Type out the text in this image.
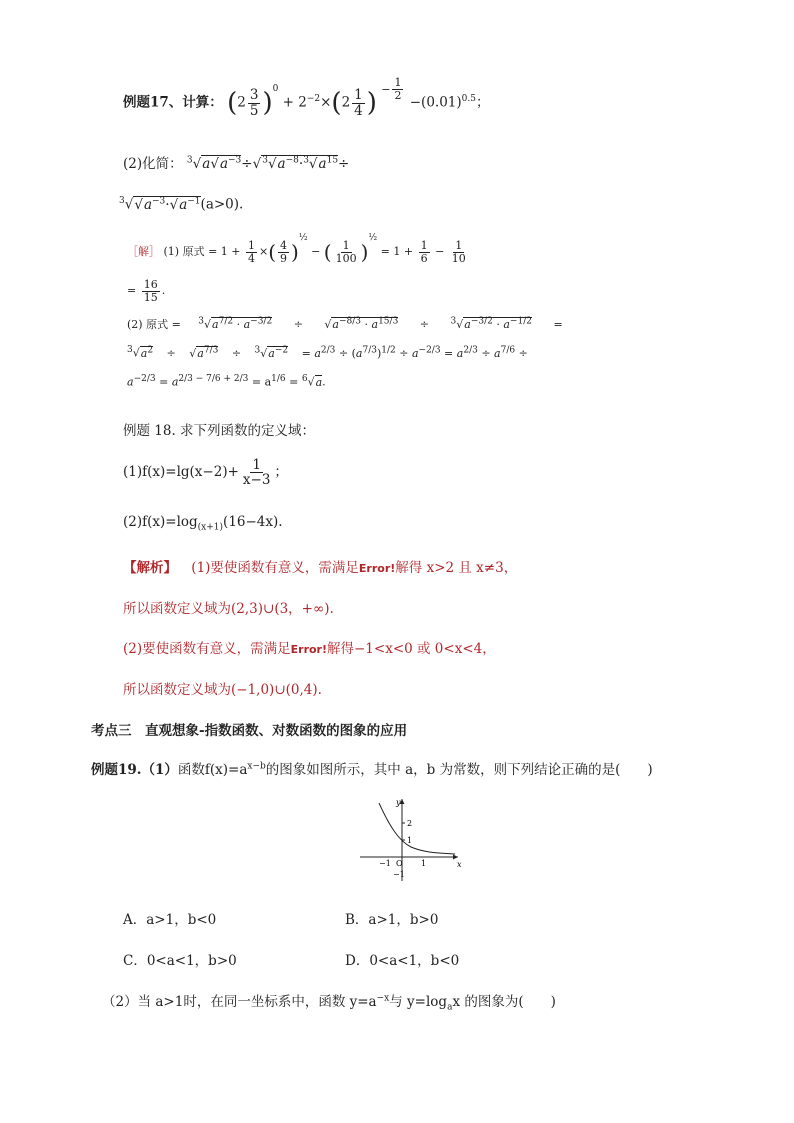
例题17、计算： $(2 \frac{3}{5} )^0 + 2^{-2}\times(2 \frac{1}{4}$ ) $^{- \frac{1}{2}}$
$-(0.01)^{0.5}$；
(2)化简： $^3√a√a^{-3}\div√^3√a^{-8}\cdot^3√a^{15}\div$
$^3√√a^{-3}\cdot√a^{-1}(a>0)$.
［解］ (1) 原式 = $1 + \frac{1}{4}$ ×( $\frac{4}{9} )^{\frac{1}{2}}$ − ( $\frac{1}{100} )^{\frac{1}{2}} = 1 + \frac{1}{6} - \frac{1}{10}$
= $\frac{16}{15}$ .
(2) 原式 = $^3√a^{7/2} \cdot a^{-3/2} \div √a^{-8/3} \cdot a^{15/3} \div ^3√a^{-3/2} \cdot a^{-1/2}$ =
$^3√a^2 \div √a^{7/3} \div ^3√a^{-2} = a^{2/3} \div (a^{7/3})^{1/2} \div a^{-2/3} = a^{2/3} \div a^{7/6}$ ÷
$a^{-2/3} = a^{2/3 - 7/6 + 2/3} = a^{1/6} = ^6√a$.
例题 18. 求下列函数的定义域：
$(1)f(x)=\lg(x-2)+ \frac{1}{x-3}$ ；
$(2)f(x)=\log_{(x+1)}(16-4x)$.
【解析】 (1)要使函数有意义，需满足Error!解得 x>2 且 x≠3，
所以函数定义域为(2,3)∪(3，+∞).
(2)要使函数有意义，需满足Error!解得−1<x<0 或 0<x<4，
所以函数定义域为(−1,0)∪(0,4).
考点三　直观想象-指数函数、对数函数的图象的应用
例题19.（1）函数$f(x)=a^{x-b}$的图象如图所示，其中 a，b 为常数，则下列结论正确的是(　　)
y
x
2
1
O
−1	1
−1
A．a>1，b<0	B．a>1，b>0
C．0<a<1，b>0	D．0<a<1，b<0
（2）当 a>1时，在同一坐标系中，函数 $y=a^{-x}$与 $y=\log_ax$ 的图象为(　　)
